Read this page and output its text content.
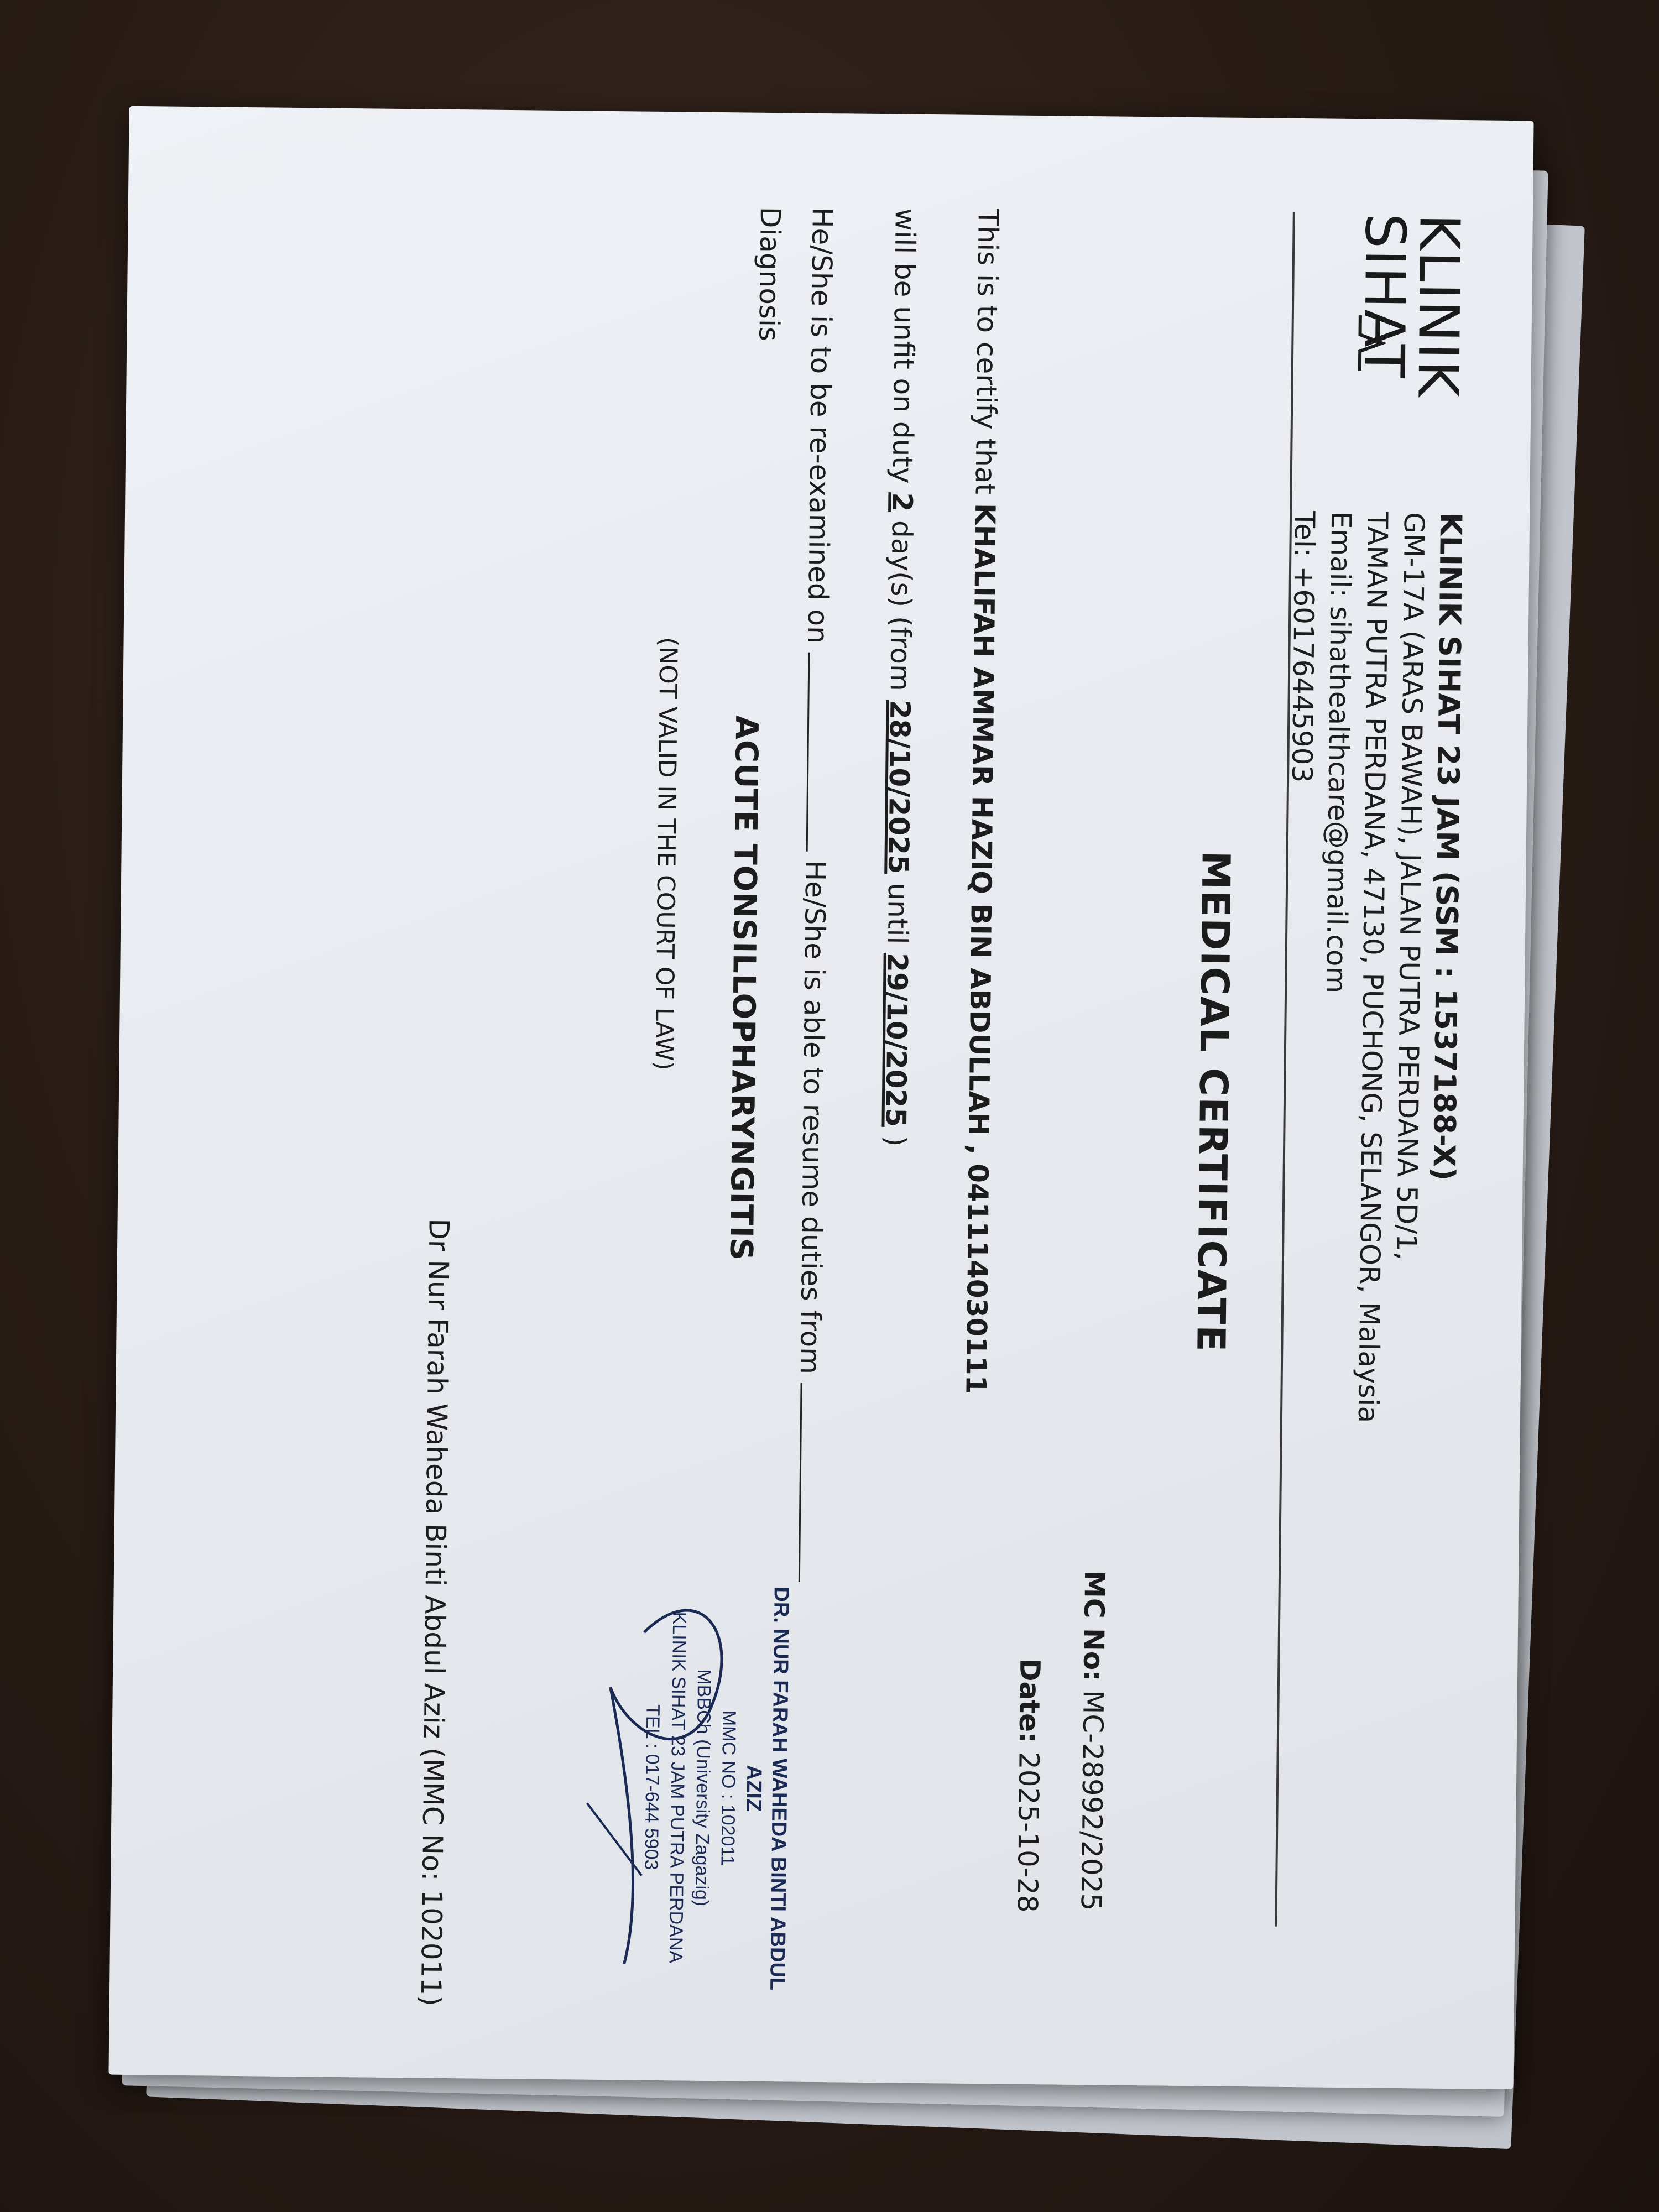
KLINIK
SIHAT
KLINIK SIHAT 23 JAM (SSM : 1537188-X)
GM-17A (ARAS BAWAH), JALAN PUTRA PERDANA 5D/1,
TAMAN PUTRA PERDANA, 47130, PUCHONG, SELANGOR, Malaysia
Email: sihathealthcare@gmail.com
Tel: +60176445903
MEDICAL CERTIFICATE
MC No: MC-28992/2025
Date: 2025-10-28
This is to certify that KHALIFAH AMMAR HAZIQ BIN ABDULLAH , 041114030111
will be unfit on duty 2 day(s) (from 28/10/2025 until 29/10/2025 )
He/She is to be re-examined on  He/She is able to resume duties from
Diagnosis
ACUTE TONSILLOPHARYNGITIS
(NOT VALID IN THE COURT OF LAW)
DR. NUR FARAH WAHEDA BINTI ABDUL AZIZ
MMC NO : 102011
MBBCh (University Zagazig)
KLINIK SIHAT 23 JAM PUTRA PERDANA
TEL : 017-644 5903
Dr Nur Farah Waheda Binti Abdul Aziz (MMC No: 102011)
